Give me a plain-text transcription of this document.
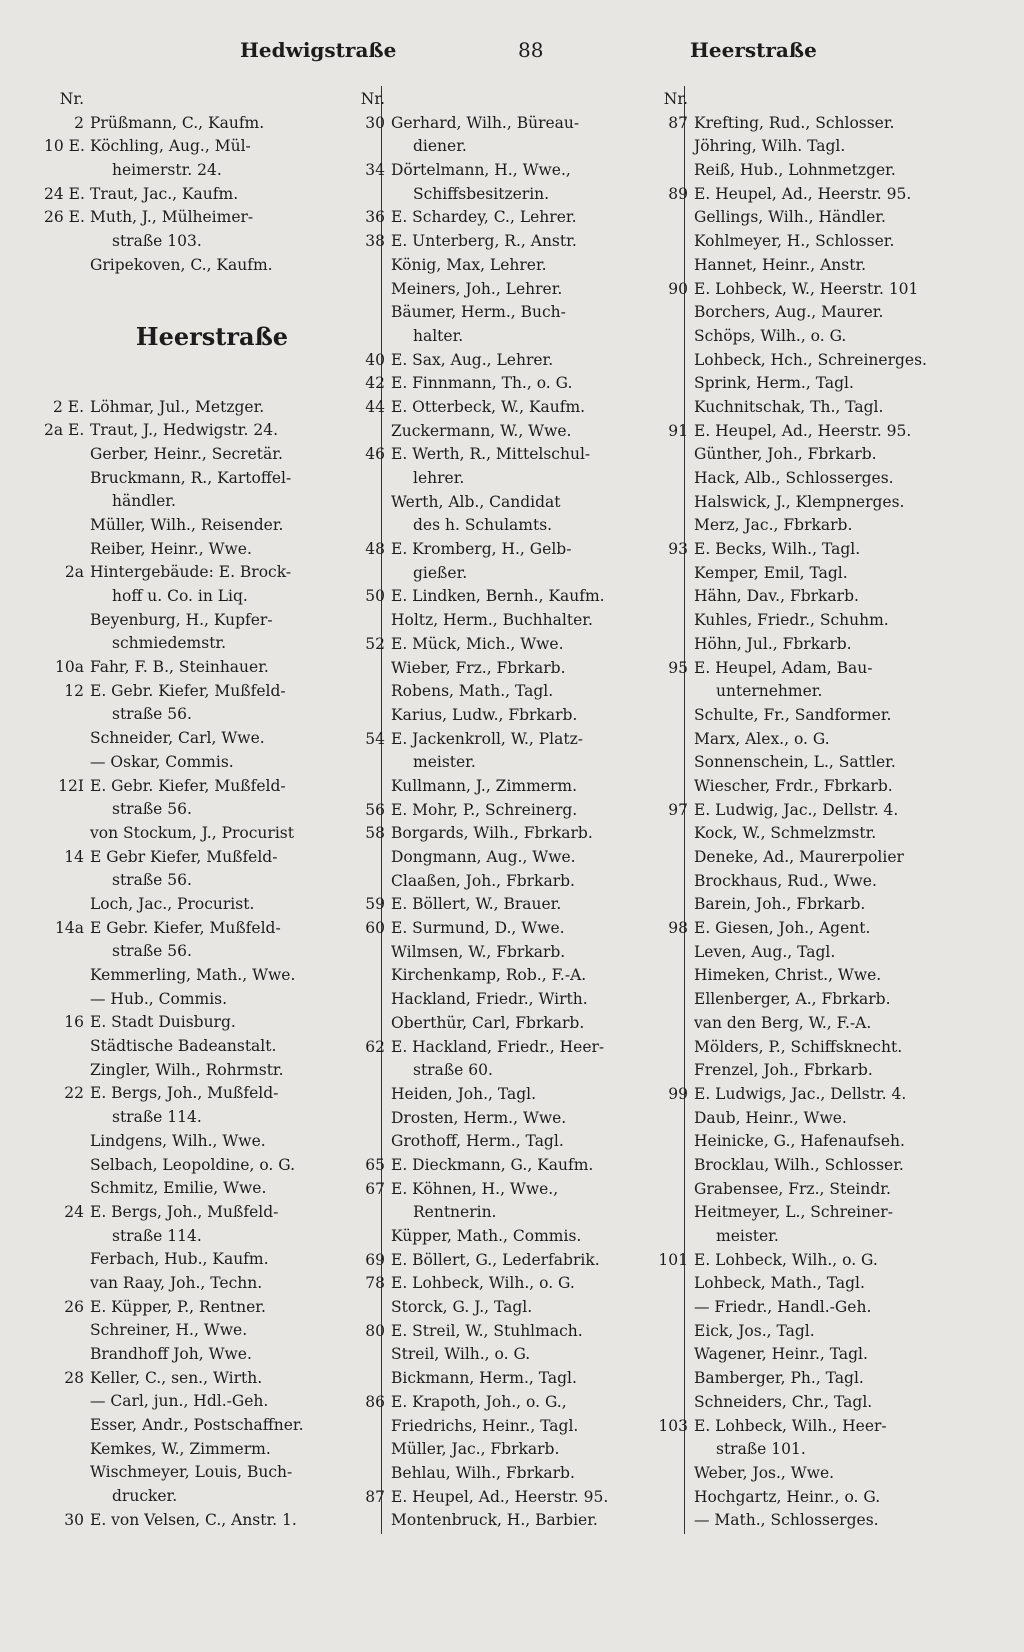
Hedwigstraße	88	Heerstraße
Nr.
2 Prüßmann, C., Kaufm.
10 E. Köchling, Aug., Mül-
heimerstr. 24.
24 E. Traut, Jac., Kaufm.
26 E. Muth, J., Mülheimer-
straße 103.
Gripekoven, C., Kaufm.
Heerstraße
2 E. Löhmar, Jul., Metzger.
2a E. Traut, J., Hedwigstr. 24.
Gerber, Heinr., Secretär.
Bruckmann, R., Kartoffel-
händler.
Müller, Wilh., Reisender.
Reiber, Heinr., Wwe.
2a Hintergebäude: E. Brock-
hoff u. Co. in Liq.
Beyenburg, H., Kupfer-
schmiedemstr.
10a Fahr, F. B., Steinhauer.
12 E. Gebr. Kiefer, Mußfeld-
straße 56.
Schneider, Carl, Wwe.
— Oskar, Commis.
12I E. Gebr. Kiefer, Mußfeld-
straße 56.
von Stockum, J., Procurist
14 E Gebr Kiefer, Mußfeld-
straße 56.
Loch, Jac., Procurist.
14a E Gebr. Kiefer, Mußfeld-
straße 56.
Kemmerling, Math., Wwe.
— Hub., Commis.
16 E. Stadt Duisburg.
Städtische Badeanstalt.
Zingler, Wilh., Rohrmstr.
22 E. Bergs, Joh., Mußfeld-
straße 114.
Lindgens, Wilh., Wwe.
Selbach, Leopoldine, o. G.
Schmitz, Emilie, Wwe.
24 E. Bergs, Joh., Mußfeld-
straße 114.
Ferbach, Hub., Kaufm.
van Raay, Joh., Techn.
26 E. Küpper, P., Rentner.
Schreiner, H., Wwe.
Brandhoff Joh, Wwe.
28 Keller, C., sen., Wirth.
— Carl, jun., Hdl.-Geh.
Esser, Andr., Postschaffner.
Kemkes, W., Zimmerm.
Wischmeyer, Louis, Buch-
drucker.
30 E. von Velsen, C., Anstr. 1.
Nr.
30 Gerhard, Wilh., Büreau-
diener.
34 Dörtelmann, H., Wwe.,
Schiffsbesitzerin.
36 E. Schardey, C., Lehrer.
38 E. Unterberg, R., Anstr.
König, Max, Lehrer.
Meiners, Joh., Lehrer.
Bäumer, Herm., Buch-
halter.
40 E. Sax, Aug., Lehrer.
42 E. Finnmann, Th., o. G.
44 E. Otterbeck, W., Kaufm.
Zuckermann, W., Wwe.
46 E. Werth, R., Mittelschul-
lehrer.
Werth, Alb., Candidat
des h. Schulamts.
48 E. Kromberg, H., Gelb-
gießer.
50 E. Lindken, Bernh., Kaufm.
Holtz, Herm., Buchhalter.
52 E. Mück, Mich., Wwe.
Wieber, Frz., Fbrkarb.
Robens, Math., Tagl.
Karius, Ludw., Fbrkarb.
54 E. Jackenkroll, W., Platz-
meister.
Kullmann, J., Zimmerm.
56 E. Mohr, P., Schreinerg.
58 Borgards, Wilh., Fbrkarb.
Dongmann, Aug., Wwe.
Claaßen, Joh., Fbrkarb.
59 E. Böllert, W., Brauer.
60 E. Surmund, D., Wwe.
Wilmsen, W., Fbrkarb.
Kirchenkamp, Rob., F.-A.
Hackland, Friedr., Wirth.
Oberthür, Carl, Fbrkarb.
62 E. Hackland, Friedr., Heer-
straße 60.
Heiden, Joh., Tagl.
Drosten, Herm., Wwe.
Grothoff, Herm., Tagl.
65 E. Dieckmann, G., Kaufm.
67 E. Köhnen, H., Wwe.,
Rentnerin.
Küpper, Math., Commis.
69 E. Böllert, G., Lederfabrik.
78 E. Lohbeck, Wilh., o. G.
Storck, G. J., Tagl.
80 E. Streil, W., Stuhlmach.
Streil, Wilh., o. G.
Bickmann, Herm., Tagl.
86 E. Krapoth, Joh., o. G.,
Friedrichs, Heinr., Tagl.
Müller, Jac., Fbrkarb.
Behlau, Wilh., Fbrkarb.
87 E. Heupel, Ad., Heerstr. 95.
Montenbruck, H., Barbier.
Nr.
87 Krefting, Rud., Schlosser.
Jöhring, Wilh. Tagl.
Reiß, Hub., Lohnmetzger.
89 E. Heupel, Ad., Heerstr. 95.
Gellings, Wilh., Händler.
Kohlmeyer, H., Schlosser.
Hannet, Heinr., Anstr.
90 E. Lohbeck, W., Heerstr. 101
Borchers, Aug., Maurer.
Schöps, Wilh., o. G.
Lohbeck, Hch., Schreinerges.
Sprink, Herm., Tagl.
Kuchnitschak, Th., Tagl.
91 E. Heupel, Ad., Heerstr. 95.
Günther, Joh., Fbrkarb.
Hack, Alb., Schlosserges.
Halswick, J., Klempnerges.
Merz, Jac., Fbrkarb.
93 E. Becks, Wilh., Tagl.
Kemper, Emil, Tagl.
Hähn, Dav., Fbrkarb.
Kuhles, Friedr., Schuhm.
Höhn, Jul., Fbrkarb.
95 E. Heupel, Adam, Bau-
unternehmer.
Schulte, Fr., Sandformer.
Marx, Alex., o. G.
Sonnenschein, L., Sattler.
Wiescher, Frdr., Fbrkarb.
97 E. Ludwig, Jac., Dellstr. 4.
Kock, W., Schmelzmstr.
Deneke, Ad., Maurerpolier
Brockhaus, Rud., Wwe.
Barein, Joh., Fbrkarb.
98 E. Giesen, Joh., Agent.
Leven, Aug., Tagl.
Himeken, Christ., Wwe.
Ellenberger, A., Fbrkarb.
van den Berg, W., F.-A.
Mölders, P., Schiffsknecht.
Frenzel, Joh., Fbrkarb.
99 E. Ludwigs, Jac., Dellstr. 4.
Daub, Heinr., Wwe.
Heinicke, G., Hafenaufseh.
Brocklau, Wilh., Schlosser.
Grabensee, Frz., Steindr.
Heitmeyer, L., Schreiner-
meister.
101 E. Lohbeck, Wilh., o. G.
Lohbeck, Math., Tagl.
— Friedr., Handl.-Geh.
Eick, Jos., Tagl.
Wagener, Heinr., Tagl.
Bamberger, Ph., Tagl.
Schneiders, Chr., Tagl.
103 E. Lohbeck, Wilh., Heer-
straße 101.
Weber, Jos., Wwe.
Hochgartz, Heinr., o. G.
— Math., Schlosserges.
